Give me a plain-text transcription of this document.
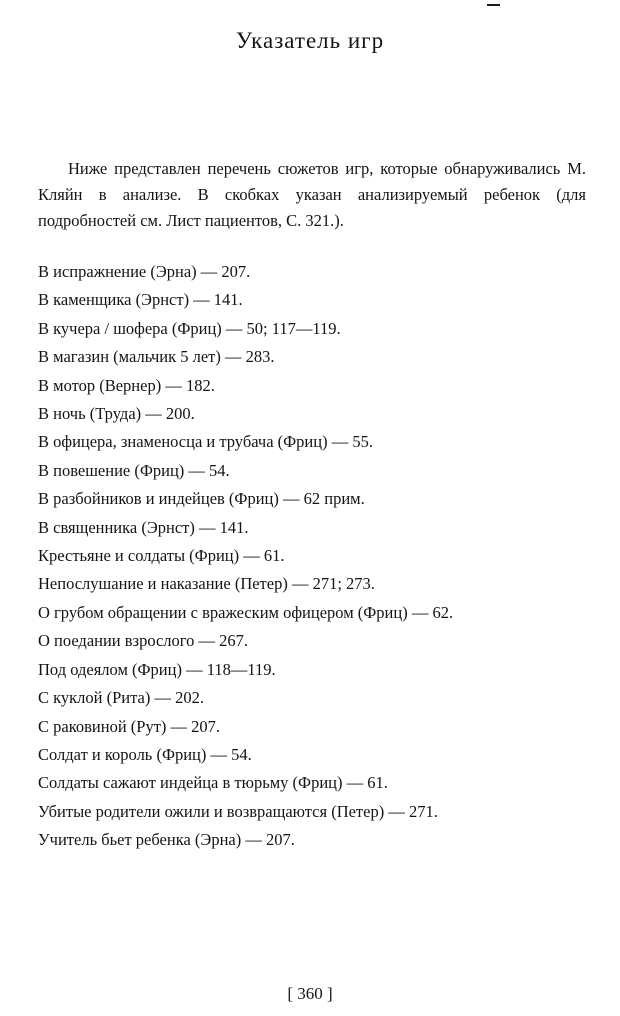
Указатель игр

Ниже представлен перечень сюжетов игр, которые обнаруживались М. Кляйн в анализе. В скобках указан анализируемый ребенок (для подробностей см. Лист пациентов, С. 321.).

В испражнение (Эрна) — 207.
В каменщика (Эрнст) — 141.
В кучера / шофера (Фриц) — 50; 117—119.
В магазин (мальчик 5 лет) — 283.
В мотор (Вернер) — 182.
В ночь (Труда) — 200.
В офицера, знаменосца и трубача (Фриц) — 55.
В повешение (Фриц) — 54.
В разбойников и индейцев (Фриц) — 62 прим.
В священника (Эрнст) — 141.
Крестьяне и солдаты (Фриц) — 61.
Непослушание и наказание (Петер) — 271; 273.
О грубом обращении с вражеским офицером (Фриц) — 62.
О поедании взрослого — 267.
Под одеялом (Фриц) — 118—119.
С куклой (Рита) — 202.
С раковиной (Рут) — 207.
Солдат и король (Фриц) — 54.
Солдаты сажают индейца в тюрьму (Фриц) — 61.
Убитые родители ожили и возвращаются (Петер) — 271.
Учитель бьет ребенка (Эрна) — 207.
[ 360 ]
